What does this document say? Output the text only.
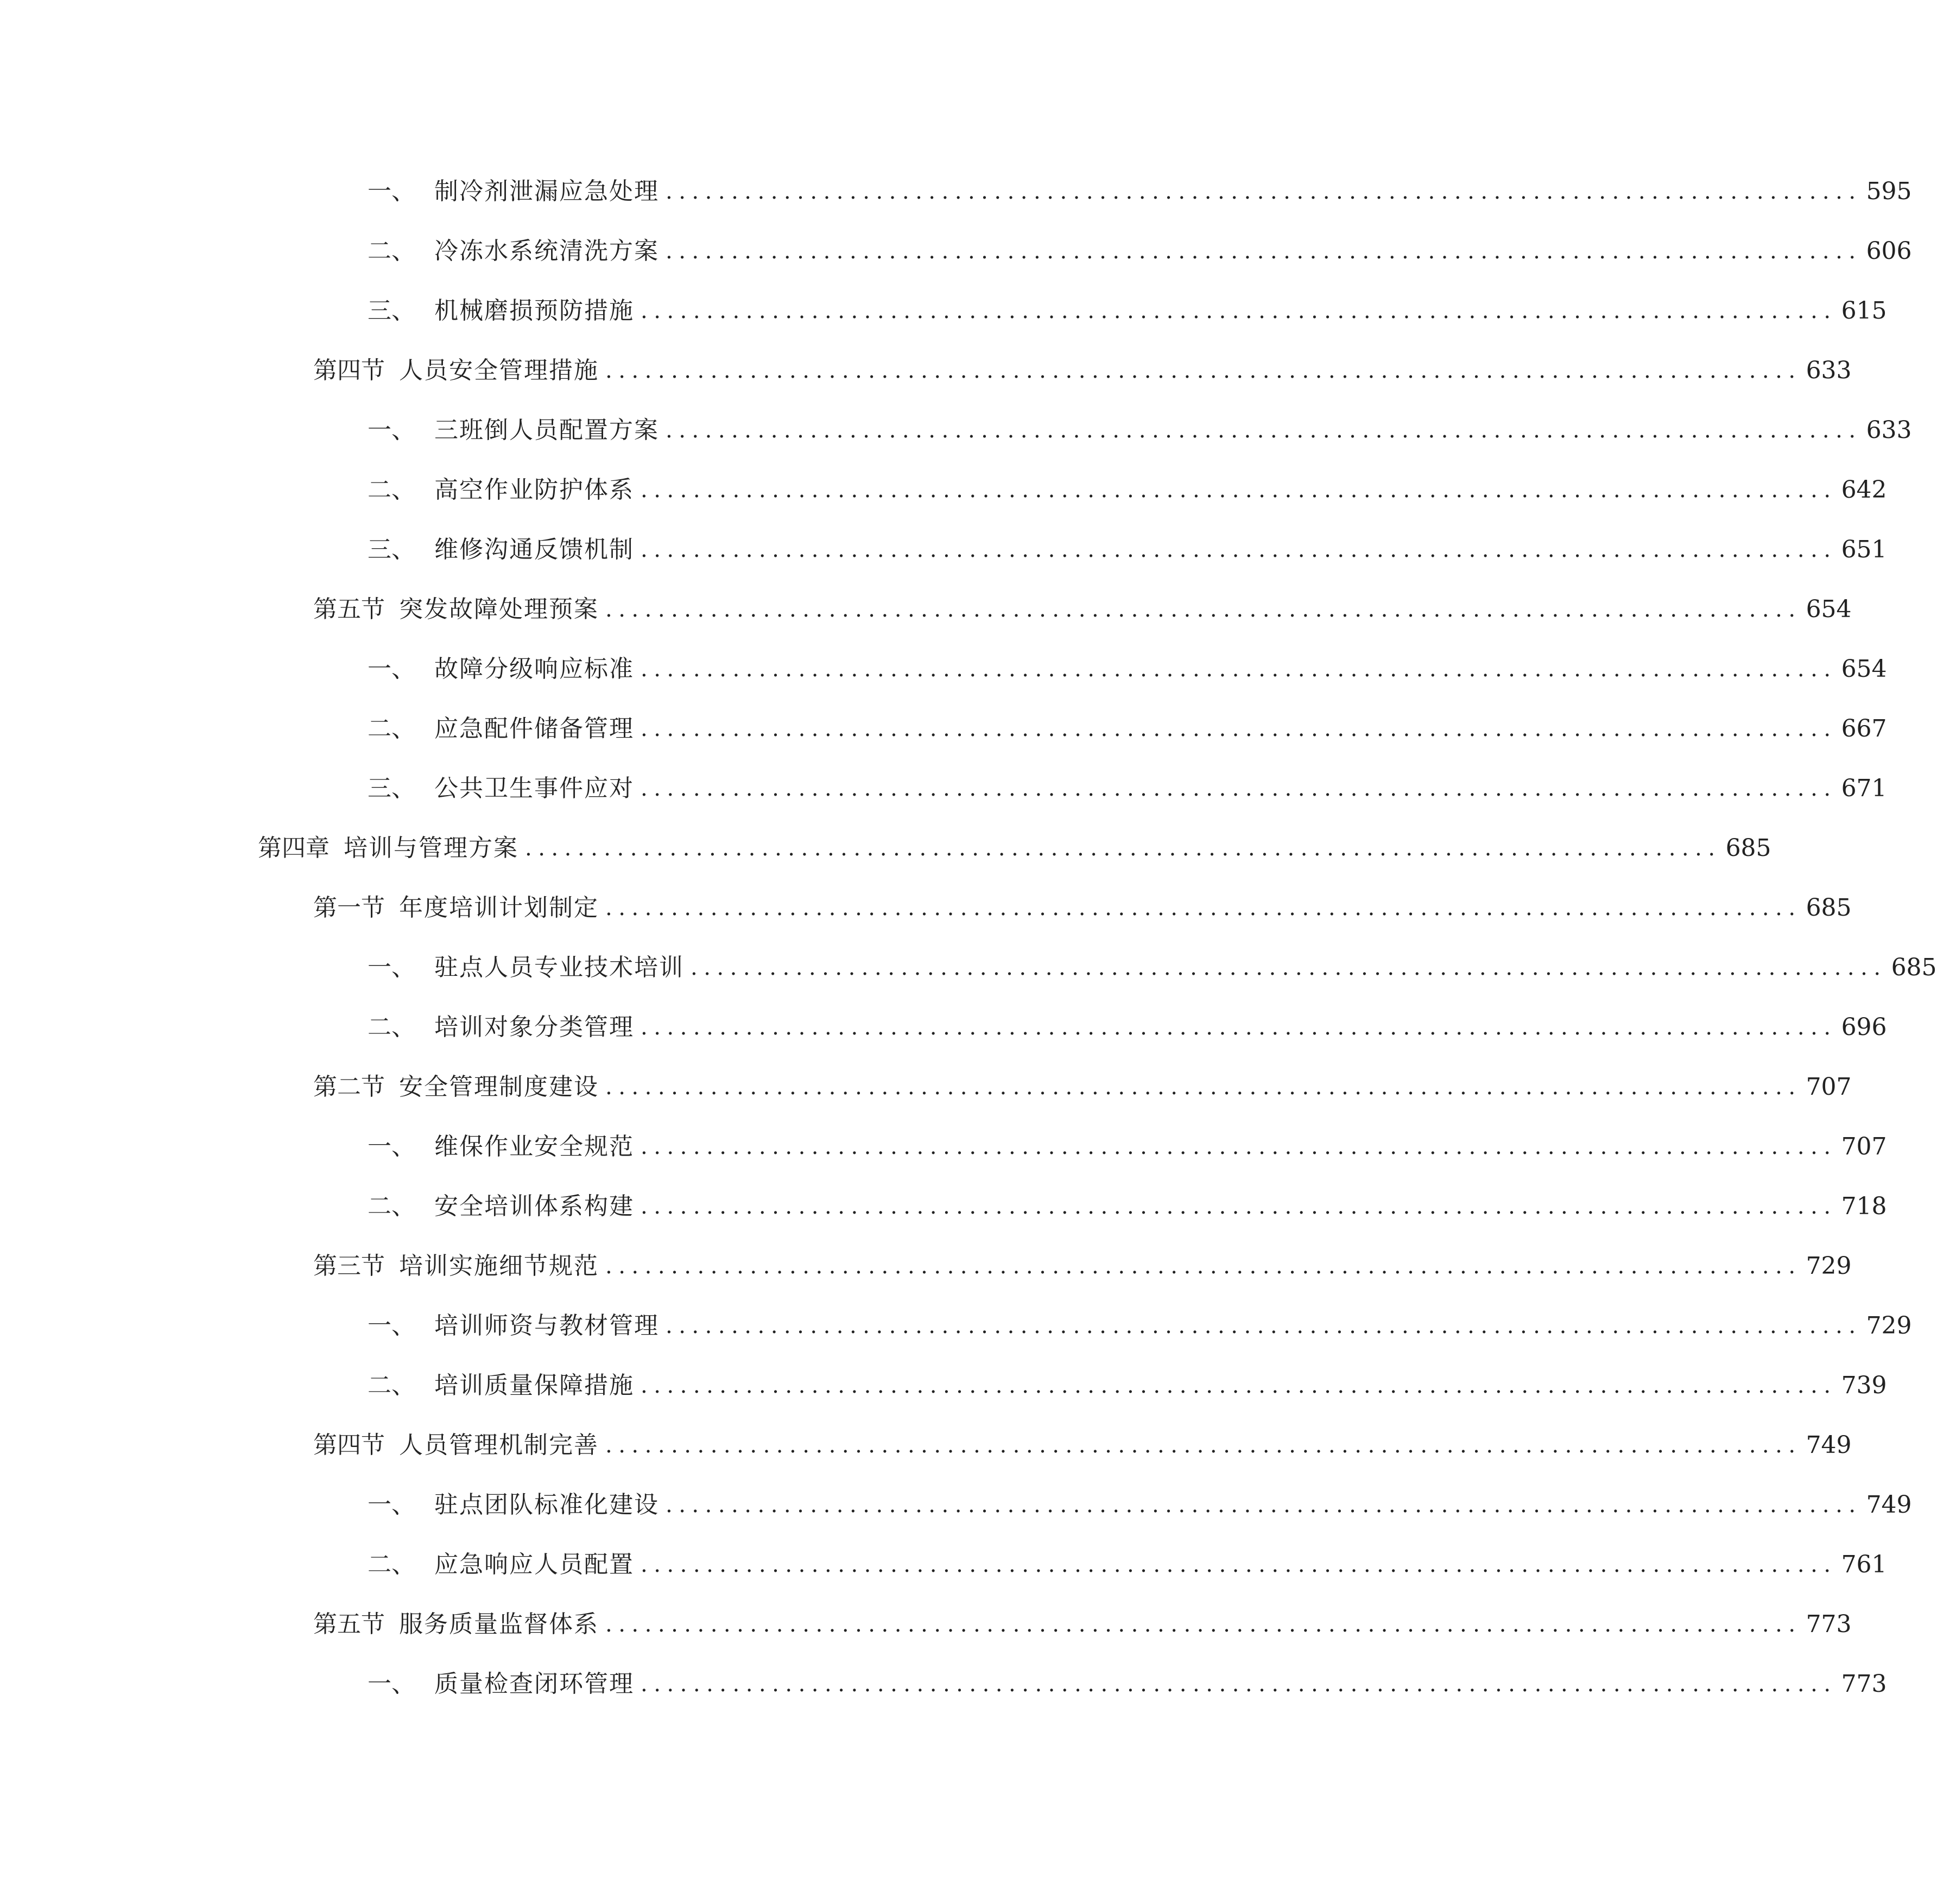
一、 制冷剂泄漏应急处理 ........................................................................................... 595
二、 冷冻水系统清洗方案 ........................................................................................... 606
三、 机械磨损预防措施 ........................................................................................... 615
第四节 人员安全管理措施 ........................................................................................... 633
一、 三班倒人员配置方案 ........................................................................................... 633
二、 高空作业防护体系 ........................................................................................... 642
三、 维修沟通反馈机制 ........................................................................................... 651
第五节 突发故障处理预案 ........................................................................................... 654
一、 故障分级响应标准 ........................................................................................... 654
二、 应急配件储备管理 ........................................................................................... 667
三、 公共卫生事件应对 ........................................................................................... 671
第四章 培训与管理方案 ........................................................................................... 685
第一节 年度培训计划制定 ........................................................................................... 685
一、 驻点人员专业技术培训 ........................................................................................... 685
二、 培训对象分类管理 ........................................................................................... 696
第二节 安全管理制度建设 ........................................................................................... 707
一、 维保作业安全规范 ........................................................................................... 707
二、 安全培训体系构建 ........................................................................................... 718
第三节 培训实施细节规范 ........................................................................................... 729
一、 培训师资与教材管理 ........................................................................................... 729
二、 培训质量保障措施 ........................................................................................... 739
第四节 人员管理机制完善 ........................................................................................... 749
一、 驻点团队标准化建设 ........................................................................................... 749
二、 应急响应人员配置 ........................................................................................... 761
第五节 服务质量监督体系 ........................................................................................... 773
一、 质量检查闭环管理 ........................................................................................... 773
